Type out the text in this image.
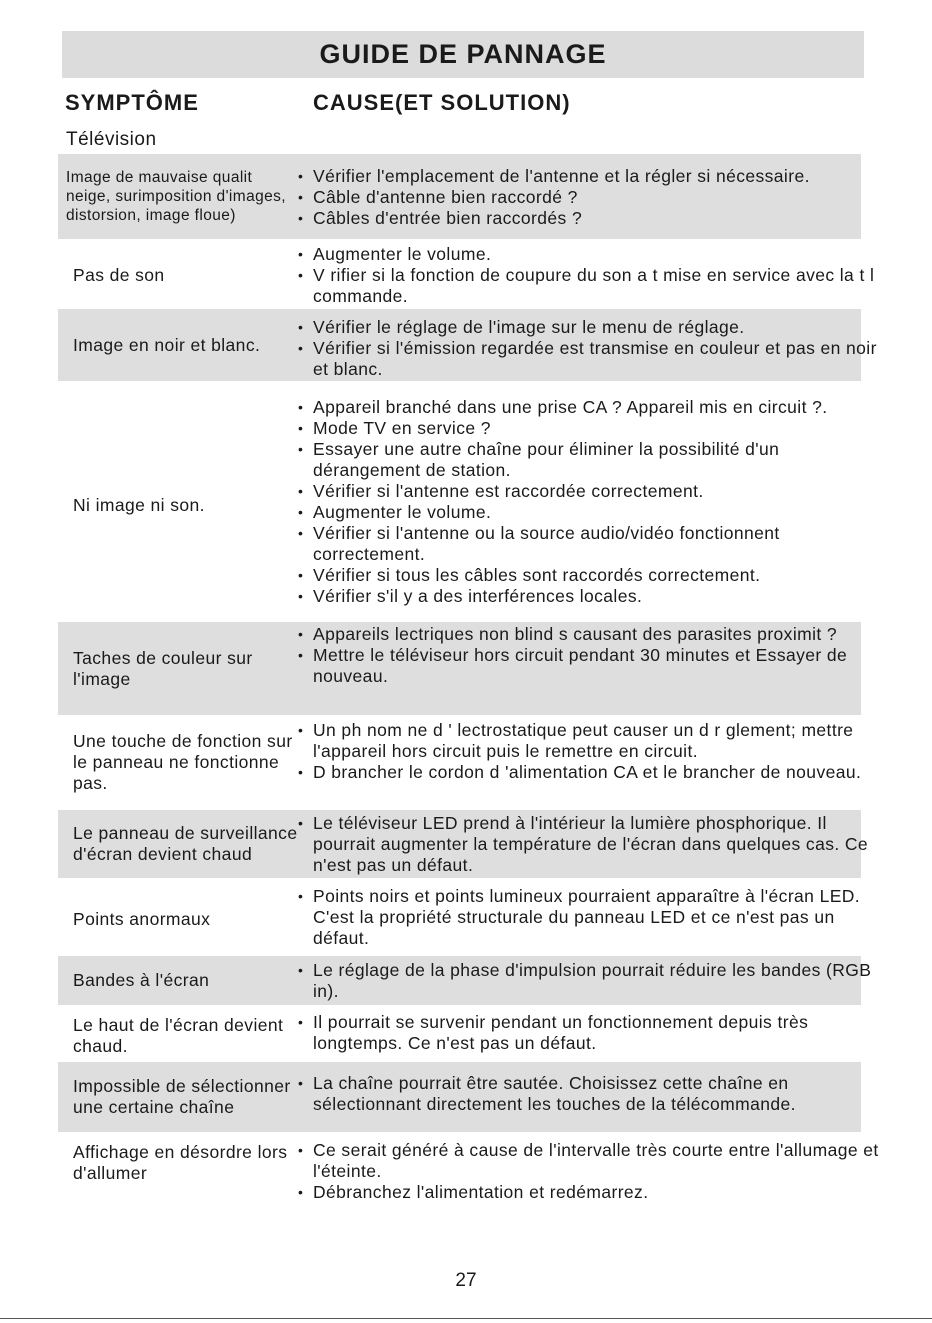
GUIDE DE PANNAGE
SYMPTÔME	CAUSE(ET SOLUTION)
Télévision
Image de mauvaise qualit neige, surimposition d'images, distorsion, image floue)
• Vérifier l'emplacement de l'antenne et la régler si nécessaire.
• Câble d'antenne bien raccordé ?
• Câbles d'entrée bien raccordés ?
Pas de son
• Augmenter le volume.
• V rifier si la fonction de coupure du son a t mise en service avec la t l commande.
Image en noir et blanc.
• Vérifier le réglage de l'image sur le menu de réglage.
• Vérifier si l'émission regardée est transmise en couleur et pas en noir et blanc.
Ni image ni son.
• Appareil branché dans une prise CA ? Appareil mis en circuit ?.
• Mode TV en service ?
• Essayer une autre chaîne pour éliminer la possibilité d'un dérangement de station.
• Vérifier si l'antenne est raccordée correctement.
• Augmenter le volume.
• Vérifier si l'antenne ou la source audio/vidéo fonctionnent correctement.
• Vérifier si tous les câbles sont raccordés correctement.
• Vérifier s'il y a des interférences locales.
Taches de couleur sur l'image
• Appareils lectriques non blind s causant des parasites proximit ?
• Mettre le téléviseur hors circuit pendant 30 minutes et Essayer de nouveau.
Une touche de fonction sur le panneau ne fonctionne pas.
• Un ph nom ne d ' lectrostatique peut causer un d r glement; mettre l'appareil hors circuit puis le remettre en circuit.
• D brancher le cordon d 'alimentation CA et le brancher de nouveau.
Le panneau de surveillance d'écran devient chaud
• Le téléviseur LED prend à l'intérieur la lumière phosphorique. Il pourrait augmenter la température de l'écran dans quelques cas. Ce n'est pas un défaut.
Points anormaux
• Points noirs et points lumineux pourraient apparaître à l'écran LED. C'est la propriété structurale du panneau LED et ce n'est pas un défaut.
Bandes à l'écran
•	Le réglage de la phase d'impulsion pourrait réduire les bandes (RGB in).
Le haut de l'écran devient chaud.
• Il pourrait se survenir pendant un fonctionnement depuis très longtemps. Ce n'est pas un défaut.
Impossible de sélectionner une certaine chaîne
• La chaîne pourrait être sautée. Choisissez cette chaîne en sélectionnant directement les touches de la télécommande.
Affichage en désordre lors d'allumer
• Ce serait généré à cause de l'intervalle très courte entre l'allumage et l'éteinte.
• Débranchez l'alimentation et redémarrez.
27
